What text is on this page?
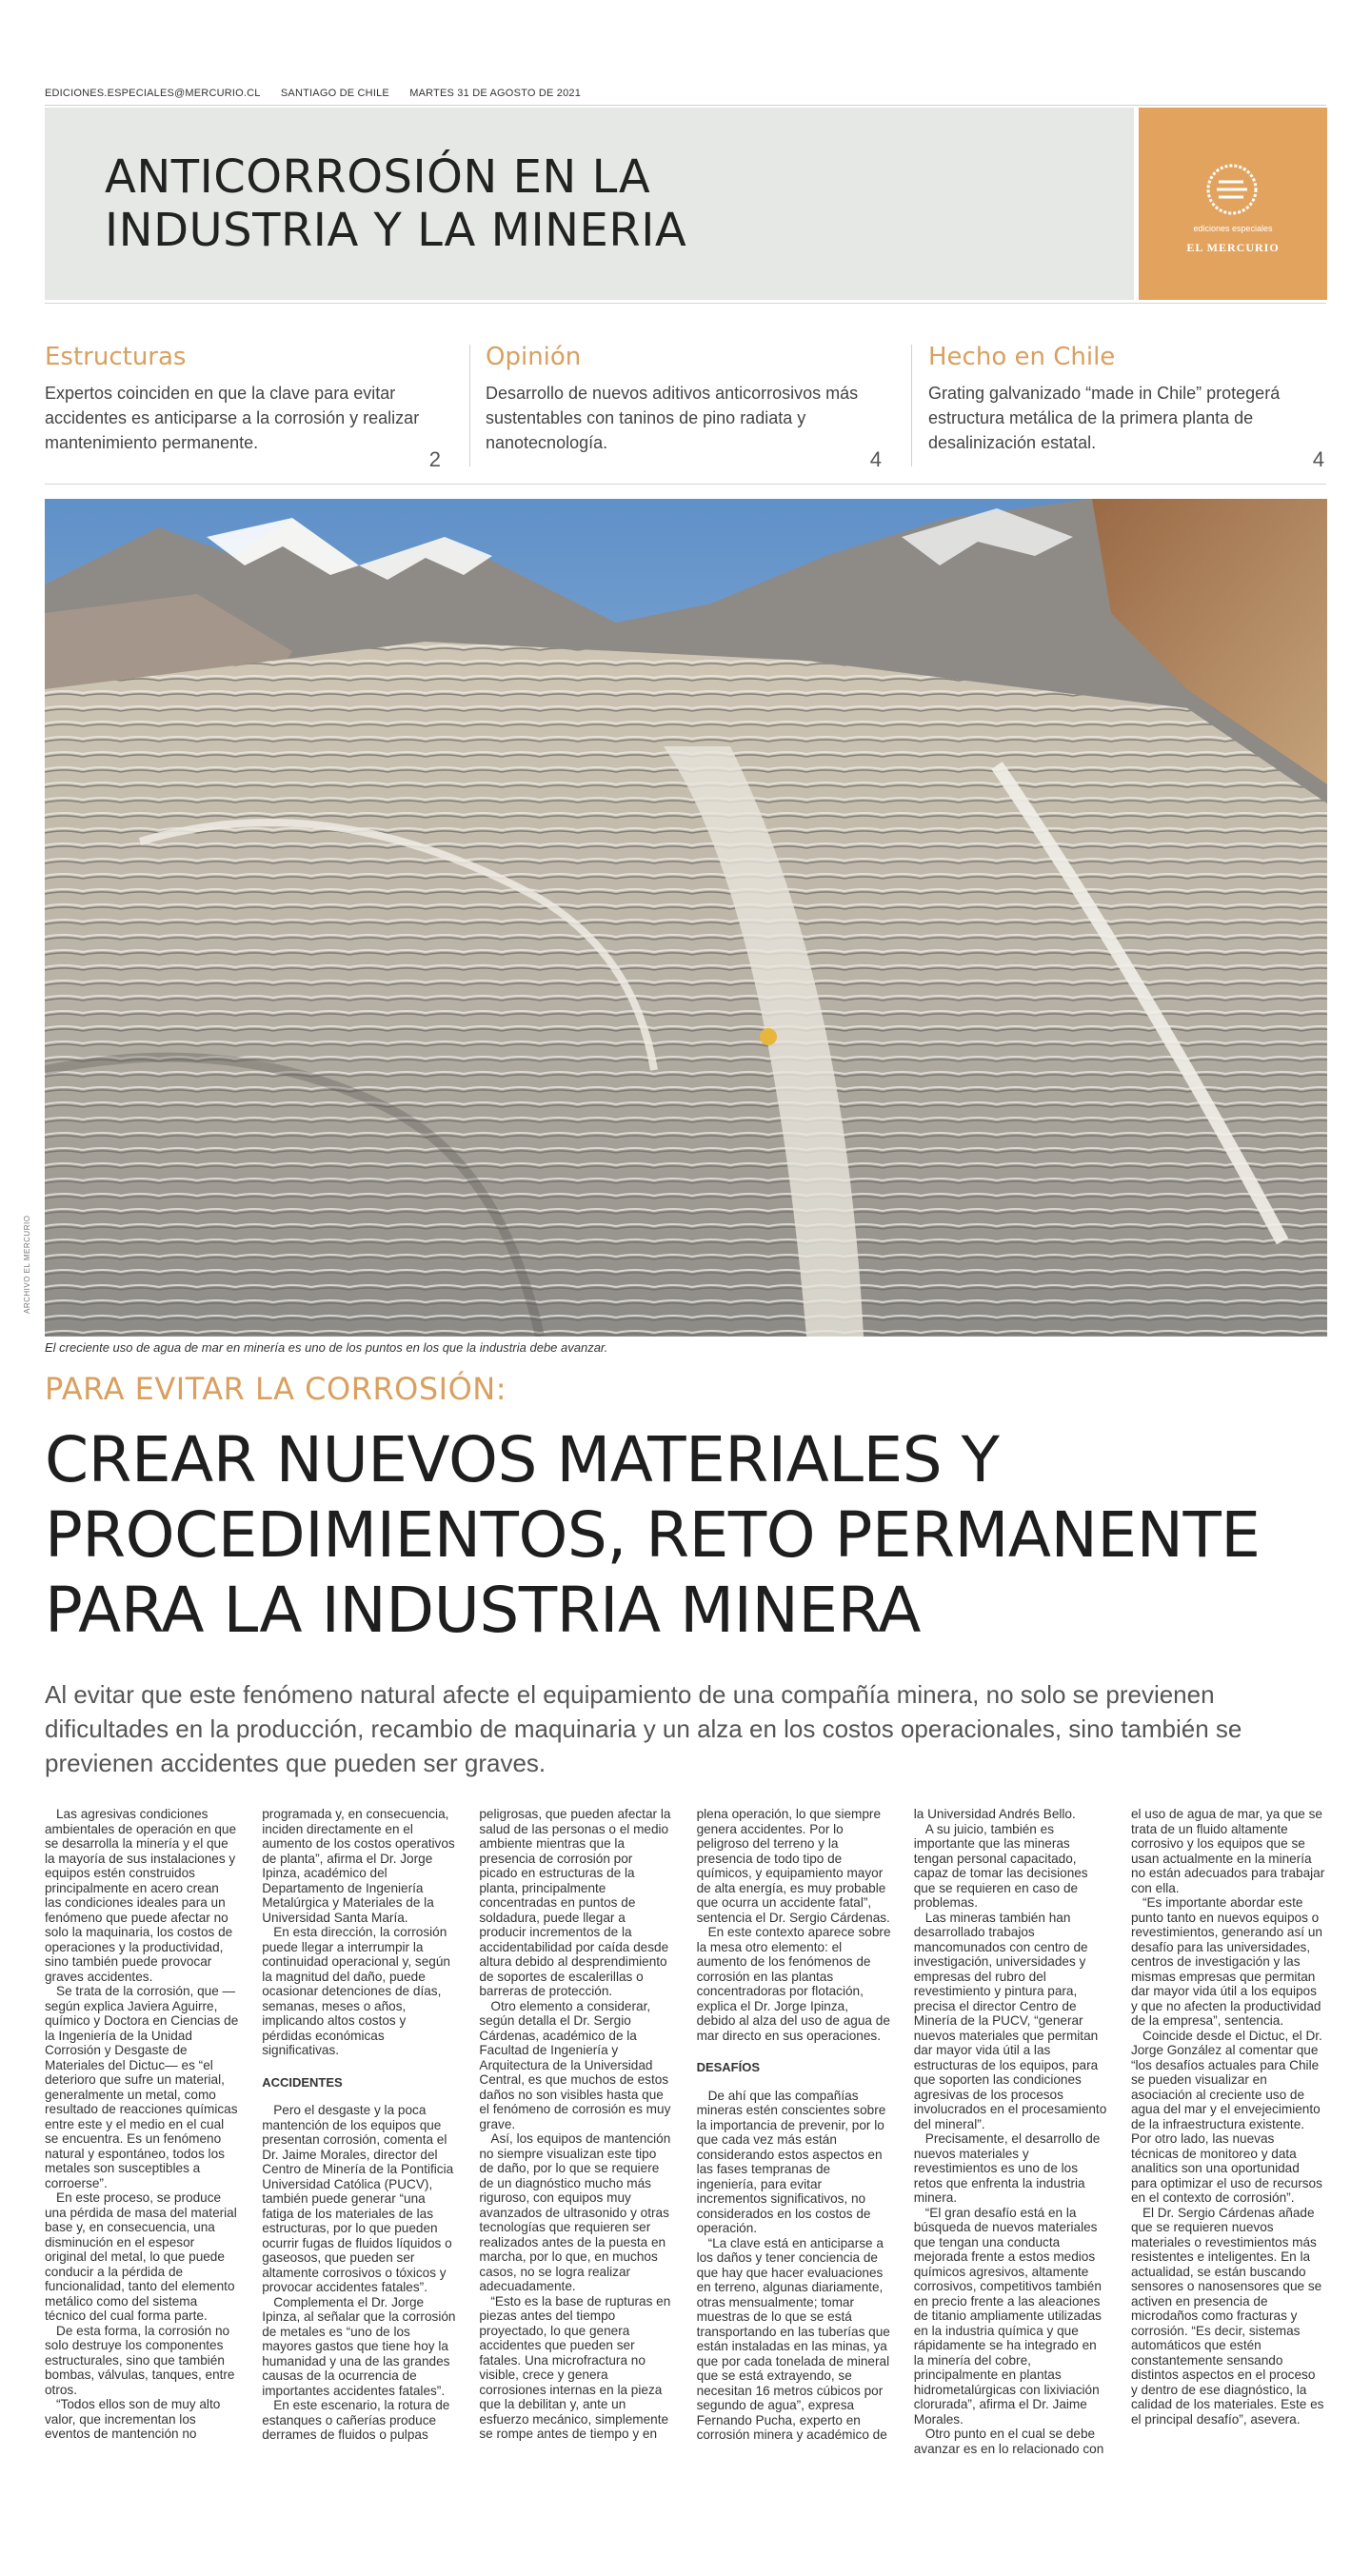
EDICIONES.ESPECIALES@MERCURIO.CL SANTIAGO DE CHILE MARTES 31 DE AGOSTO DE 2021
ANTICORROSIÓN EN LA
INDUSTRIA Y LA MINERIA	ediciones especiales
EL MERCURIO
Estructuras

Expertos coinciden en que la clave para evitar accidentes es anticiparse a la corrosión y realizar mantenimiento permanente.

2
Opinión

Desarrollo de nuevos aditivos anticorrosivos más sustentables con taninos de pino radiata y nanotecnología.

4
Hecho en Chile

Grating galvanizado “made in Chile” protegerá estructura metálica de la primera planta de desalinización estatal.

4
ARCHIVO EL MERCURIO
El creciente uso de agua de mar en minería es uno de los puntos en los que la industria debe avanzar.
PARA EVITAR LA CORROSIÓN:
CREAR NUEVOS MATERIALES Y
PROCEDIMIENTOS, RETO PERMANENTE
PARA LA INDUSTRIA MINERA
Al evitar que este fenómeno natural afecte el equipamiento de una compañía minera, no solo se previenen dificultades en la producción, recambio de maquinaria y un alza en los costos operacionales, sino también se previenen accidentes que pueden ser graves.

Las agresivas condiciones ambientales de operación en que se desarrolla la minería y el que la mayoría de sus instalaciones y equipos estén construidos principalmente en acero crean las condiciones ideales para un fenómeno que puede afectar no solo la maquinaria, los costos de operaciones y la productividad, sino también puede provocar graves accidentes.

Se trata de la corrosión, que —según explica Javiera Aguirre, químico y Doctora en Ciencias de la Ingeniería de la Unidad Corrosión y Desgaste de Materiales del Dictuc— es “el deterioro que sufre un material, generalmente un metal, como resultado de reacciones químicas entre este y el medio en el cual se encuentra. Es un fenómeno natural y espontáneo, todos los metales son susceptibles a corroerse”.

En este proceso, se produce una pérdida de masa del material base y, en consecuencia, una disminución en el espesor original del metal, lo que puede conducir a la pérdida de funcionalidad, tanto del elemento metálico como del sistema técnico del cual forma parte.

De esta forma, la corrosión no solo destruye los componentes estructurales, sino que también bombas, válvulas, tanques, entre otros.

“Todos ellos son de muy alto valor, que incrementan los eventos de mantención no

programada y, en consecuencia, inciden directamente en el aumento de los costos operativos de planta”, afirma el Dr. Jorge Ipinza, académico del Departamento de Ingeniería Metalúrgica y Materiales de la Universidad Santa María.

En esta dirección, la corrosión puede llegar a interrumpir la continuidad operacional y, según la magnitud del daño, puede ocasionar detenciones de días, semanas, meses o años, implicando altos costos y pérdidas económicas significativas.

ACCIDENTES

Pero el desgaste y la poca mantención de los equipos que presentan corrosión, comenta el Dr. Jaime Morales, director del Centro de Minería de la Pontificia Universidad Católica (PUCV), también puede generar “una fatiga de los materiales de las estructuras, por lo que pueden ocurrir fugas de fluidos líquidos o gaseosos, que pueden ser altamente corrosivos o tóxicos y provocar accidentes fatales”.

Complementa el Dr. Jorge Ipinza, al señalar que la corrosión de metales es “uno de los mayores gastos que tiene hoy la humanidad y una de las grandes causas de la ocurrencia de importantes accidentes fatales”.

En este escenario, la rotura de estanques o cañerías produce derrames de fluidos o pulpas

peligrosas, que pueden afectar la salud de las personas o el medio ambiente mientras que la presencia de corrosión por picado en estructuras de la planta, principalmente concentradas en puntos de soldadura, puede llegar a producir incrementos de la accidentabilidad por caída desde altura debido al desprendimiento de soportes de escalerillas o barreras de protección.

Otro elemento a considerar, según detalla el Dr. Sergio Cárdenas, académico de la Facultad de Ingeniería y Arquitectura de la Universidad Central, es que muchos de estos daños no son visibles hasta que el fenómeno de corrosión es muy grave.

Así, los equipos de mantención no siempre visualizan este tipo de daño, por lo que se requiere de un diagnóstico mucho más riguroso, con equipos muy avanzados de ultrasonido y otras tecnologías que requieren ser realizados antes de la puesta en marcha, por lo que, en muchos casos, no se logra realizar adecuadamente.

“Esto es la base de rupturas en piezas antes del tiempo proyectado, lo que genera accidentes que pueden ser fatales. Una microfractura no visible, crece y genera corrosiones internas en la pieza que la debilitan y, ante un esfuerzo mecánico, simplemente se rompe antes de tiempo y en

plena operación, lo que siempre genera accidentes. Por lo peligroso del terreno y la presencia de todo tipo de químicos, y equipamiento mayor de alta energía, es muy probable que ocurra un accidente fatal”, sentencia el Dr. Sergio Cárdenas.

En este contexto aparece sobre la mesa otro elemento: el aumento de los fenómenos de corrosión en las plantas concentradoras por flotación, explica el Dr. Jorge Ipinza, debido al alza del uso de agua de mar directo en sus operaciones.

DESAFÍOS

De ahí que las compañías mineras estén conscientes sobre la importancia de prevenir, por lo que cada vez más están considerando estos aspectos en las fases tempranas de ingeniería, para evitar incrementos significativos, no considerados en los costos de operación.

“La clave está en anticiparse a los daños y tener conciencia de que hay que hacer evaluaciones en terreno, algunas diariamente, otras mensualmente; tomar muestras de lo que se está transportando en las tuberías que están instaladas en las minas, ya que por cada tonelada de mineral que se está extrayendo, se necesitan 16 metros cúbicos por segundo de agua”, expresa Fernando Pucha, experto en corrosión minera y académico de

la Universidad Andrés Bello.

A su juicio, también es importante que las mineras tengan personal capacitado, capaz de tomar las decisiones que se requieren en caso de problemas.

Las mineras también han desarrollado trabajos mancomunados con centro de investigación, universidades y empresas del rubro del revestimiento y pintura para, precisa el director Centro de Minería de la PUCV, “generar nuevos materiales que permitan dar mayor vida útil a las estructuras de los equipos, para que soporten las condiciones agresivas de los procesos involucrados en el procesamiento del mineral”.

Precisamente, el desarrollo de nuevos materiales y revestimientos es uno de los retos que enfrenta la industria minera.

“El gran desafío está en la búsqueda de nuevos materiales que tengan una conducta mejorada frente a estos medios químicos agresivos, altamente corrosivos, competitivos también en precio frente a las aleaciones de titanio ampliamente utilizadas en la industria química y que rápidamente se ha integrado en la minería del cobre, principalmente en plantas hidrometalúrgicas con lixiviación clorurada”, afirma el Dr. Jaime Morales.

Otro punto en el cual se debe avanzar es en lo relacionado con

el uso de agua de mar, ya que se trata de un fluido altamente corrosivo y los equipos que se usan actualmente en la minería no están adecuados para trabajar con ella.

“Es importante abordar este punto tanto en nuevos equipos o revestimientos, generando así un desafío para las universidades, centros de investigación y las mismas empresas que permitan dar mayor vida útil a los equipos y que no afecten la productividad de la empresa”, sentencia.

Coincide desde el Dictuc, el Dr. Jorge González al comentar que “los desafíos actuales para Chile se pueden visualizar en asociación al creciente uso de agua del mar y el envejecimiento de la infraestructura existente. Por otro lado, las nuevas técnicas de monitoreo y data analitics son una oportunidad para optimizar el uso de recursos en el contexto de corrosión”.

El Dr. Sergio Cárdenas añade que se requieren nuevos materiales o revestimientos más resistentes e inteligentes. En la actualidad, se están buscando sensores o nanosensores que se activen en presencia de microdaños como fracturas y corrosión. “Es decir, sistemas automáticos que estén constantemente sensando distintos aspectos en el proceso y dentro de ese diagnóstico, la calidad de los materiales. Este es el principal desafío”, asevera.
